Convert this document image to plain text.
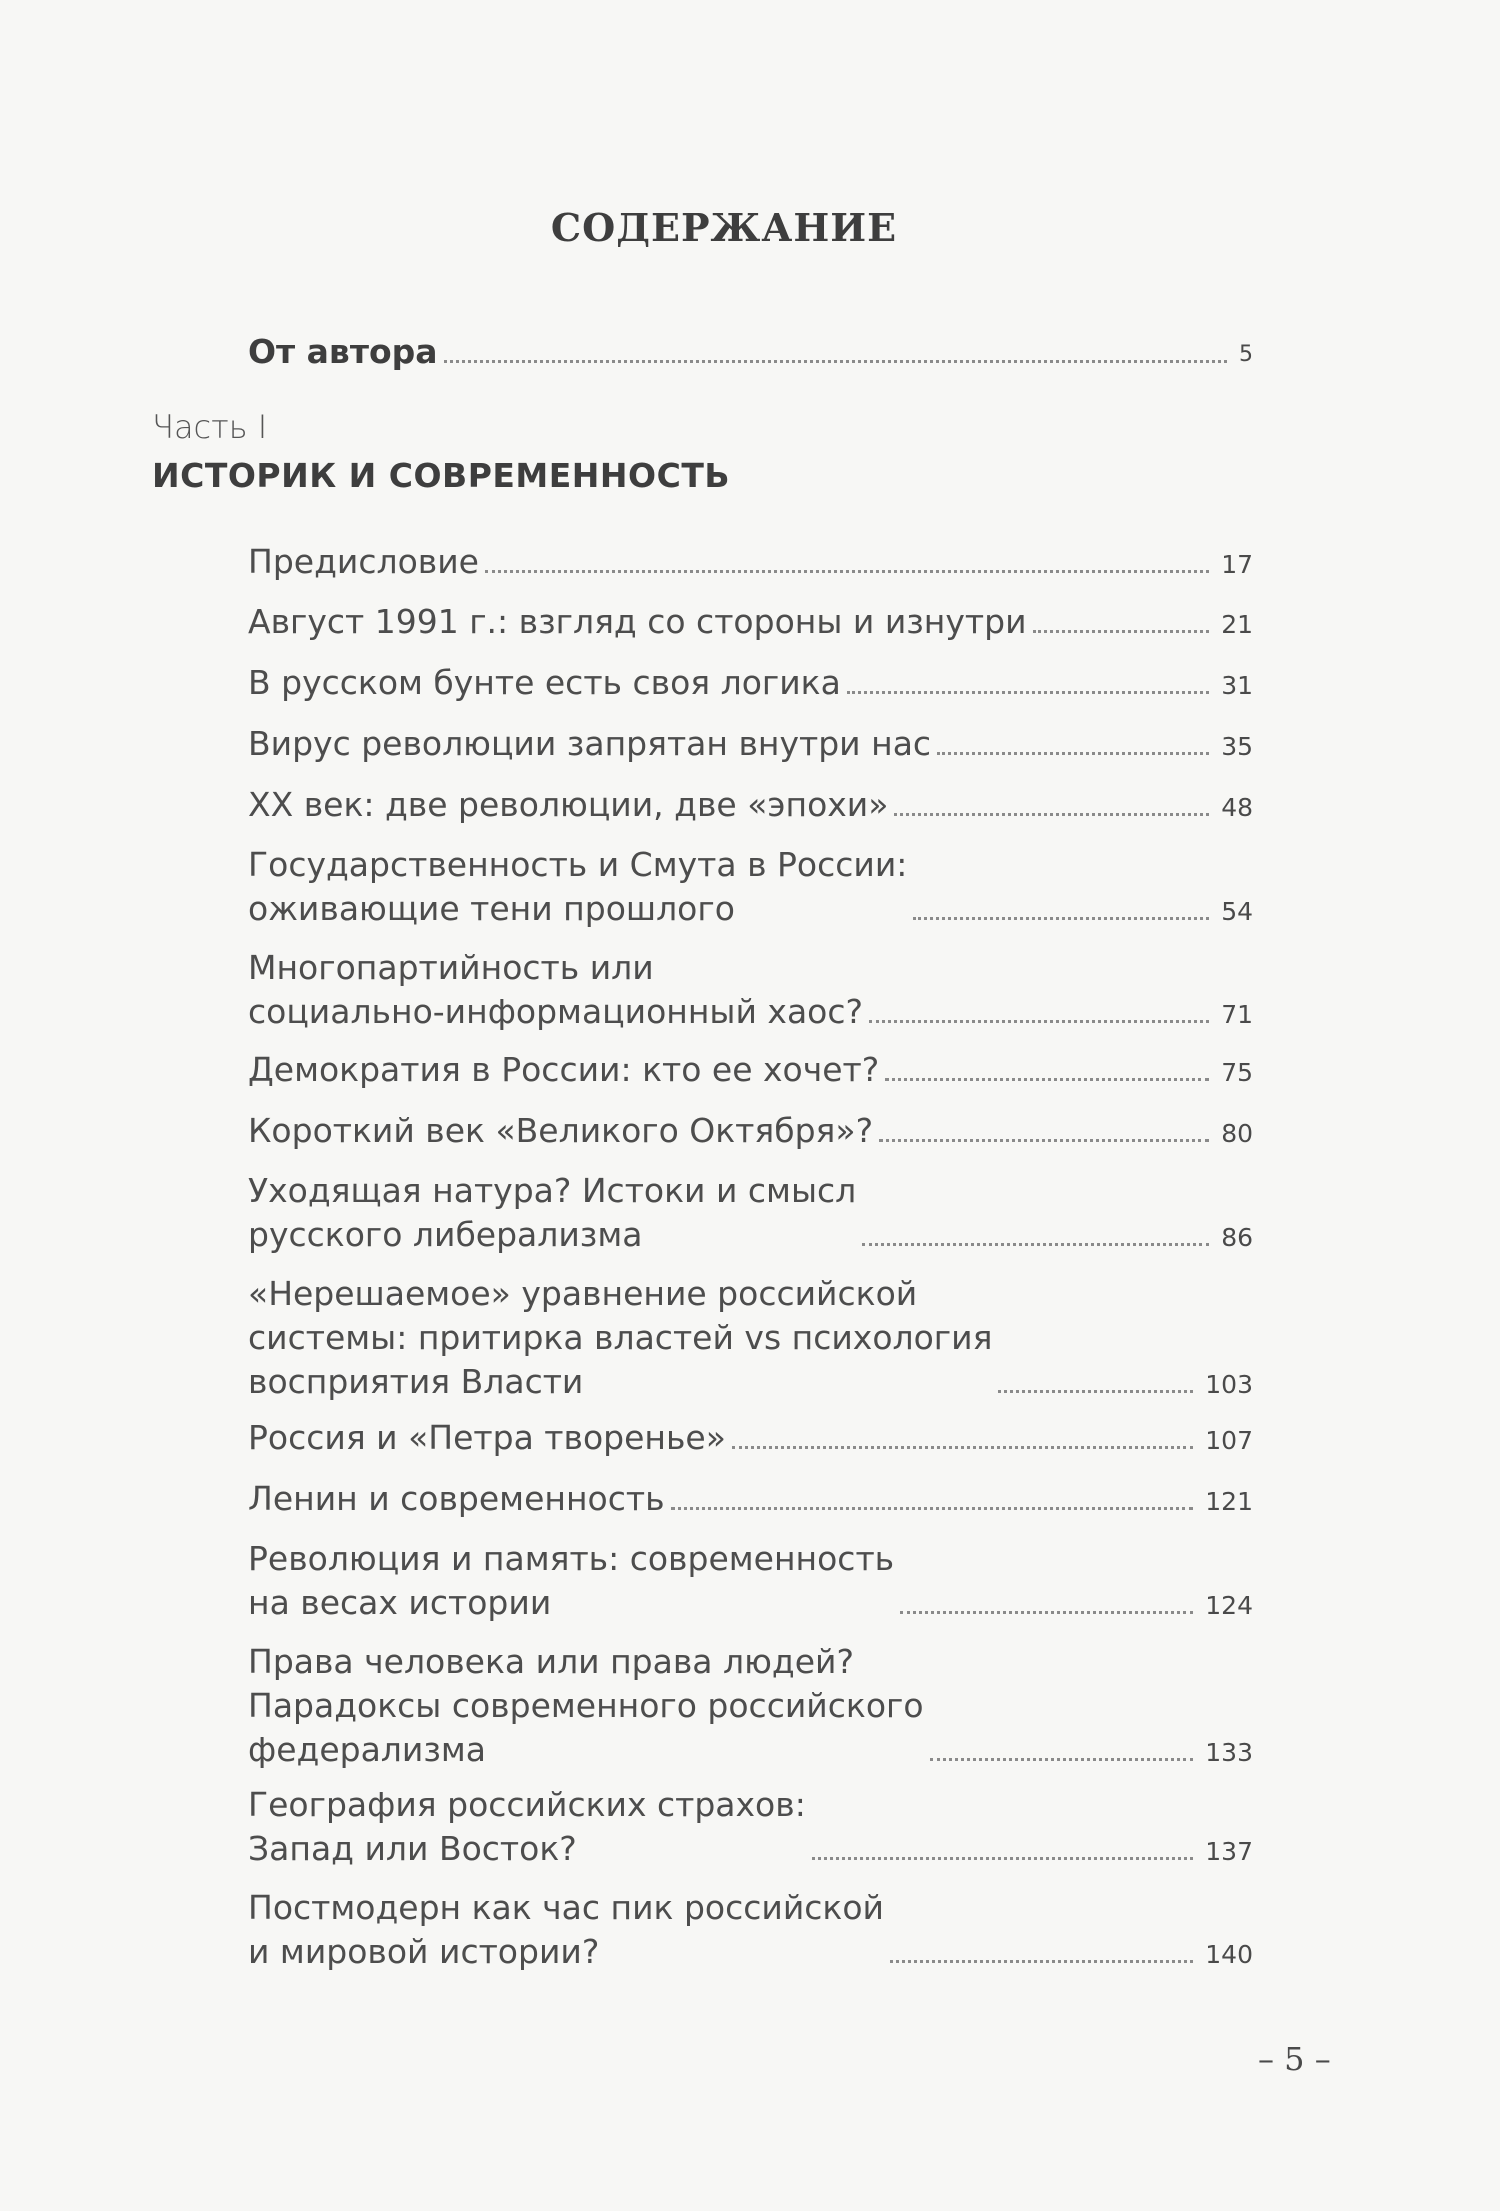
СОДЕРЖАНИЕ
От автора	5
Часть I
ИСТОРИК И СОВРЕМЕННОСТЬ
Предисловие	17
Август 1991 г.: взгляд со стороны и изнутри	21
В русском бунте есть своя логика	31
Вирус революции запрятан внутри нас	35
XX век: две революции, две «эпохи»	48
Государственность и Смута в России:
оживающие тени прошлого	54
Многопартийность или
социально-информационный хаос?	71
Демократия в России: кто ее хочет?	75
Короткий век «Великого Октября»?	80
Уходящая натура? Истоки и смысл
русского либерализма	86
«Нерешаемое» уравнение российской
системы: притирка властей vs психология
восприятия Власти	103
Россия и «Петра творенье»	107
Ленин и современность	121
Революция и память: современность
на весах истории	124
Права человека или права людей?
Парадоксы современного российского
федерализма	133
География российских страхов:
Запад или Восток?	137
Постмодерн как час пик российской
и мировой истории?	140
– 5 –
